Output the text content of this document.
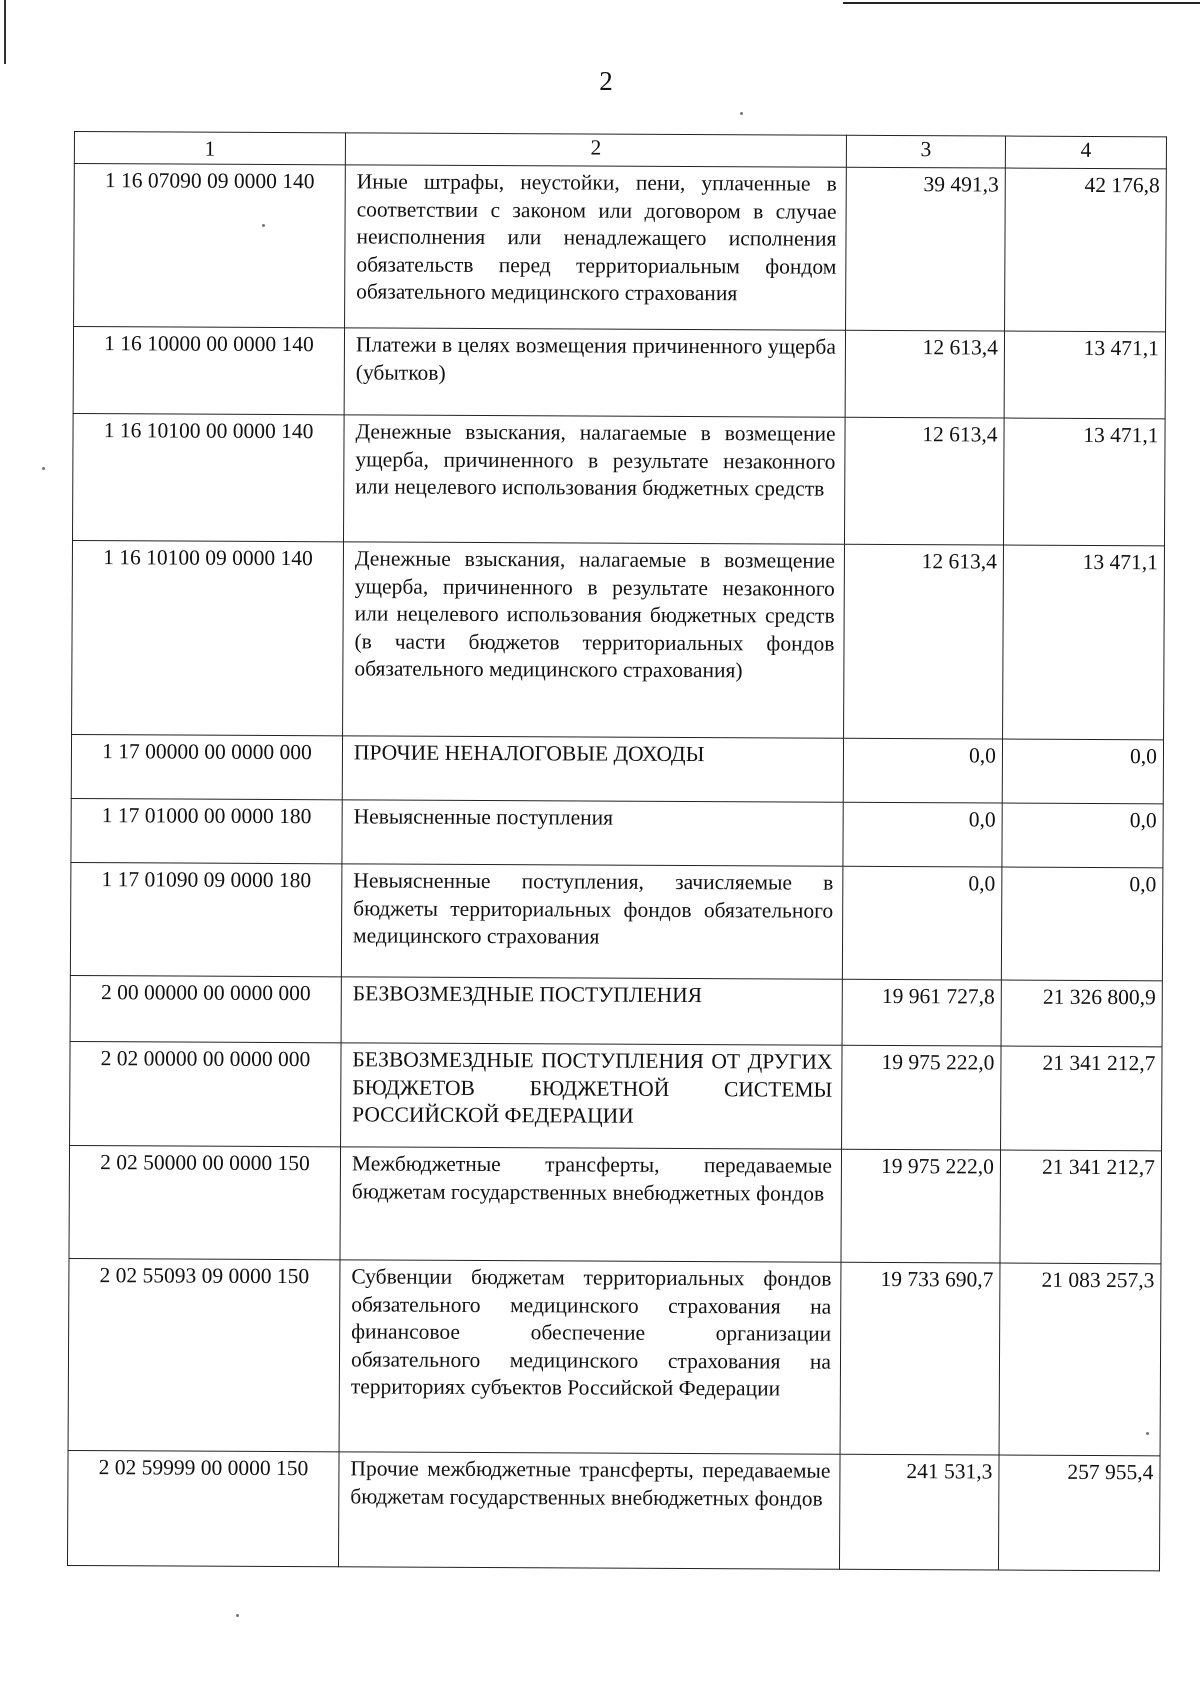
2
1	2	3	4
1 16 07090 09 0000 140	Иные штрафы, неустойки, пени, уплаченные в соответствии с законом или договором в случае неисполнения или ненадлежащего исполнения обязательств перед территориальным фондом обязательного медицинского страхования	39 491,3	42 176,8
1 16 10000 00 0000 140	Платежи в целях возмещения причиненного ущерба (убытков)	12 613,4	13 471,1
1 16 10100 00 0000 140	Денежные взыскания, налагаемые в возмещение ущерба, причиненного в результате незаконного или нецелевого использования бюджетных средств	12 613,4	13 471,1
1 16 10100 09 0000 140	Денежные взыскания, налагаемые в возмещение ущерба, причиненного в результате незаконного или нецелевого использования бюджетных средств (в части бюджетов территориальных фондов обязательного медицинского страхования)	12 613,4	13 471,1
1 17 00000 00 0000 000	ПРОЧИЕ НЕНАЛОГОВЫЕ ДОХОДЫ	0,0	0,0
1 17 01000 00 0000 180	Невыясненные поступления	0,0	0,0
1 17 01090 09 0000 180	Невыясненные поступления, зачисляемые в бюджеты территориальных фондов обязательного медицинского страхования	0,0	0,0
2 00 00000 00 0000 000	БЕЗВОЗМЕЗДНЫЕ ПОСТУПЛЕНИЯ	19 961 727,8	21 326 800,9
2 02 00000 00 0000 000	БЕЗВОЗМЕЗДНЫЕ ПОСТУПЛЕНИЯ ОТ ДРУГИХ БЮДЖЕТОВ БЮДЖЕТНОЙ СИСТЕМЫ РОССИЙСКОЙ ФЕДЕРАЦИИ	19 975 222,0	21 341 212,7
2 02 50000 00 0000 150	Межбюджетные трансферты, передаваемые бюджетам государственных внебюджетных фондов	19 975 222,0	21 341 212,7
2 02 55093 09 0000 150	Субвенции бюджетам территориальных фондов обязательного медицинского страхования на финансовое обеспечение организации обязательного медицинского страхования на территориях субъектов Российской Федерации	19 733 690,7	21 083 257,3
2 02 59999 00 0000 150	Прочие межбюджетные трансферты, передаваемые бюджетам государственных внебюджетных фондов	241 531,3	257 955,4
